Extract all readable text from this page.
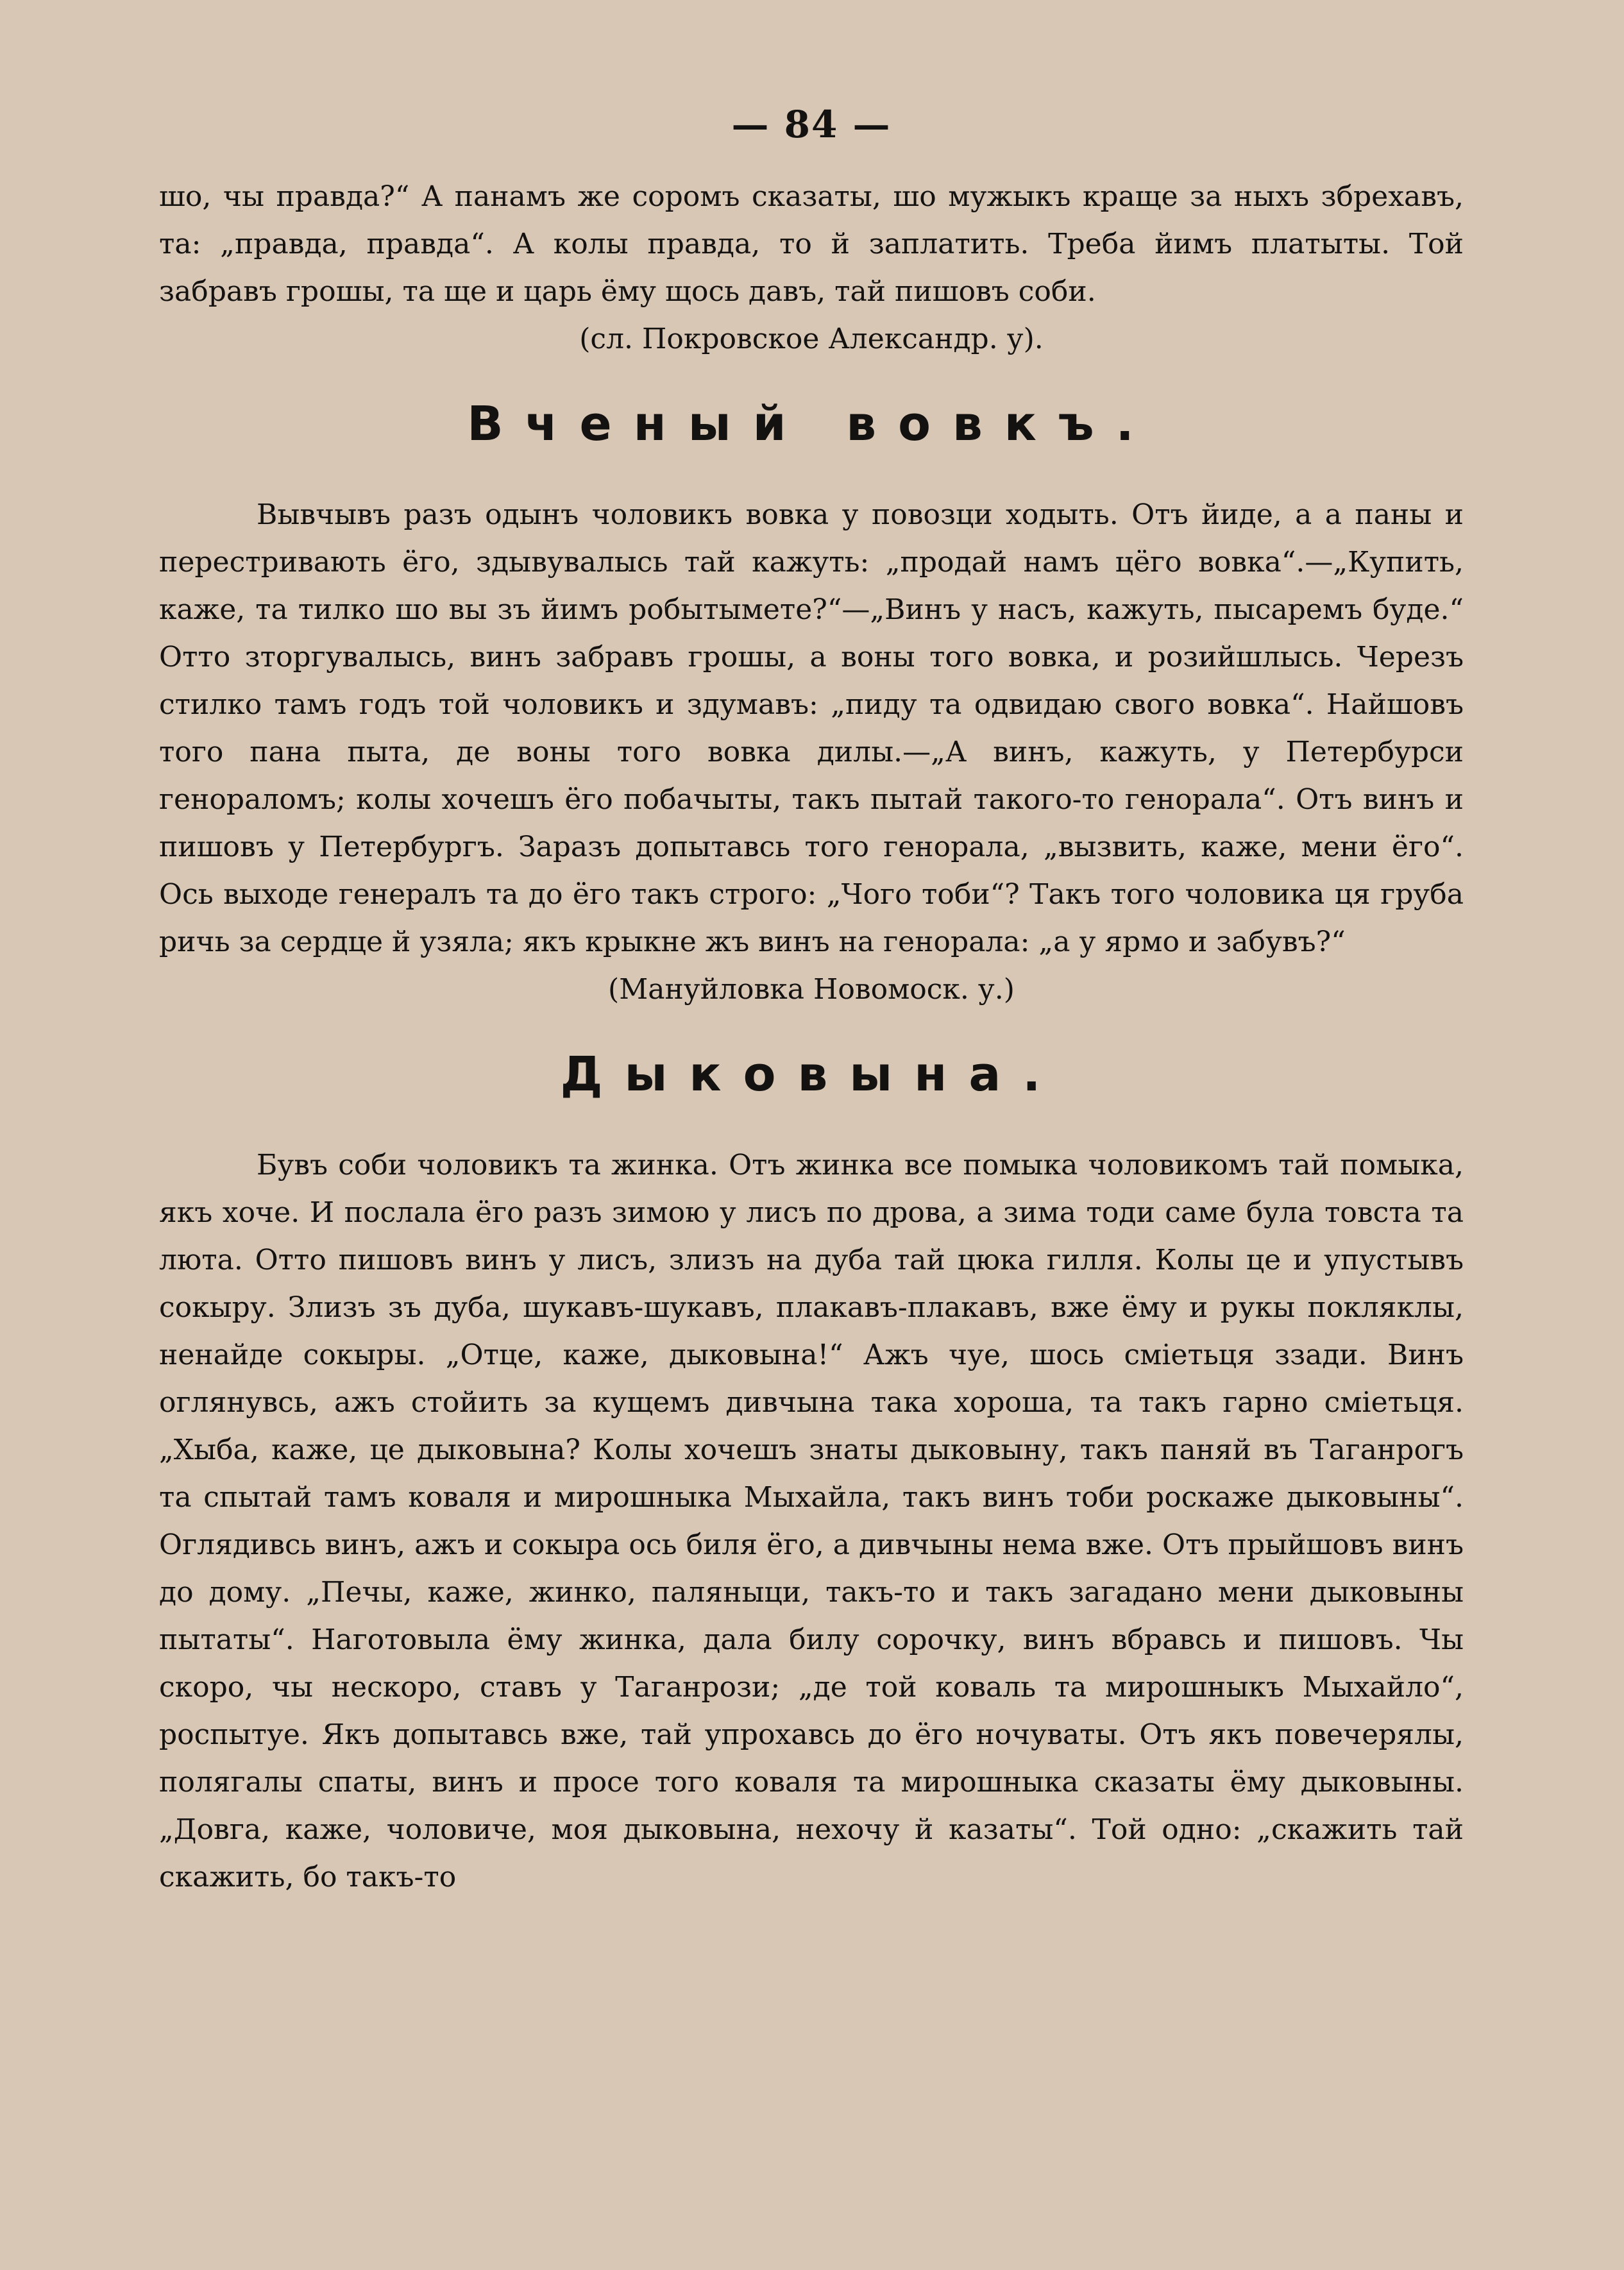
— 84 —

шо, чы правда?“ А панамъ же соромъ сказаты, шо мужыкъ краще за ныхъ збрехавъ, та: „правда, правда“. А колы правда, то й заплатить. Треба йимъ платыты. Той забравъ грошы, та ще и царь ёму щось давъ, тай пишовъ соби.

(сл. Покровское Александр. у).

Вченый вовкъ.

Вывчывъ разъ одынъ чоловикъ вовка у повозци ходыть. Отъ йиде, а а паны и перестривають ёго, здывувалысь тай кажуть: „продай намъ цёго вовка“.—„Купить, каже, та тилко шо вы зъ йимъ робытымете?“—„Винъ у насъ, кажуть, пысаремъ буде.“ Отто зторгувалысь, винъ забравъ грошы, а воны того вовка, и розийшлысь. Черезъ стилко тамъ годъ той чоловикъ и здумавъ: „пиду та одвидаю свого вовка“. Найшовъ того пана пыта, де воны того вовка дилы.—„А винъ, кажуть, у Петербурси генораломъ; колы хочешъ ёго побачыты, такъ пытай такого-то генорала“. Отъ винъ и пишовъ у Петербургъ. Заразъ допытавсь того генорала, „вызвить, каже, мени ёго“. Ось выходе генералъ та до ёго такъ строго: „Чого тоби“? Такъ того чоловика ця груба ричь за сердце й узяла; якъ крыкне жъ винъ на генорала: „а у ярмо и забувъ?“

(Мануйловка Новомоск. у.)

Дыковына.

Бувъ соби чоловикъ та жинка. Отъ жинка все помыка чоловикомъ тай помыка, якъ хоче. И послала ёго разъ зимою у лисъ по дрова, а зима тоди саме була товста та люта. Отто пишовъ винъ у лисъ, злизъ на дуба тай цюка гилля. Колы це и упустывъ сокыру. Злизъ зъ дуба, шукавъ-шукавъ, плакавъ-плакавъ, вже ёму и рукы покляклы, ненайде сокыры. „Отце, каже, дыковына!“ Ажъ чуе, шось сміетьця ззади. Винъ оглянувсь, ажъ стойить за кущемъ дивчына така хороша, та такъ гарно сміетьця. „Хыба, каже, це дыковына? Колы хочешъ знаты дыковыну, такъ паняй въ Таганрогъ та спытай тамъ коваля и мирошныка Мыхайла, такъ винъ тоби роскаже дыковыны“. Оглядивсь винъ, ажъ и сокыра ось биля ёго, а дивчыны нема вже. Отъ прыйшовъ винъ до дому. „Печы, каже, жинко, паляныци, такъ-то и такъ загадано мени дыковыны пытаты“. Наготовыла ёму жинка, дала билу сорочку, винъ вбравсь и пишовъ. Чы скоро, чы нескоро, ставъ у Таганрози; „де той коваль та мирошныкъ Мыхайло“, роспытуе. Якъ допытавсь вже, тай упрохавсь до ёго ночуваты. Отъ якъ повечерялы, полягалы спаты, винъ и просе того коваля та мирошныка сказаты ёму дыковыны. „Довга, каже, чоловиче, моя дыковына, нехочу й казаты“. Той одно: „скажить тай скажить, бо такъ-то
